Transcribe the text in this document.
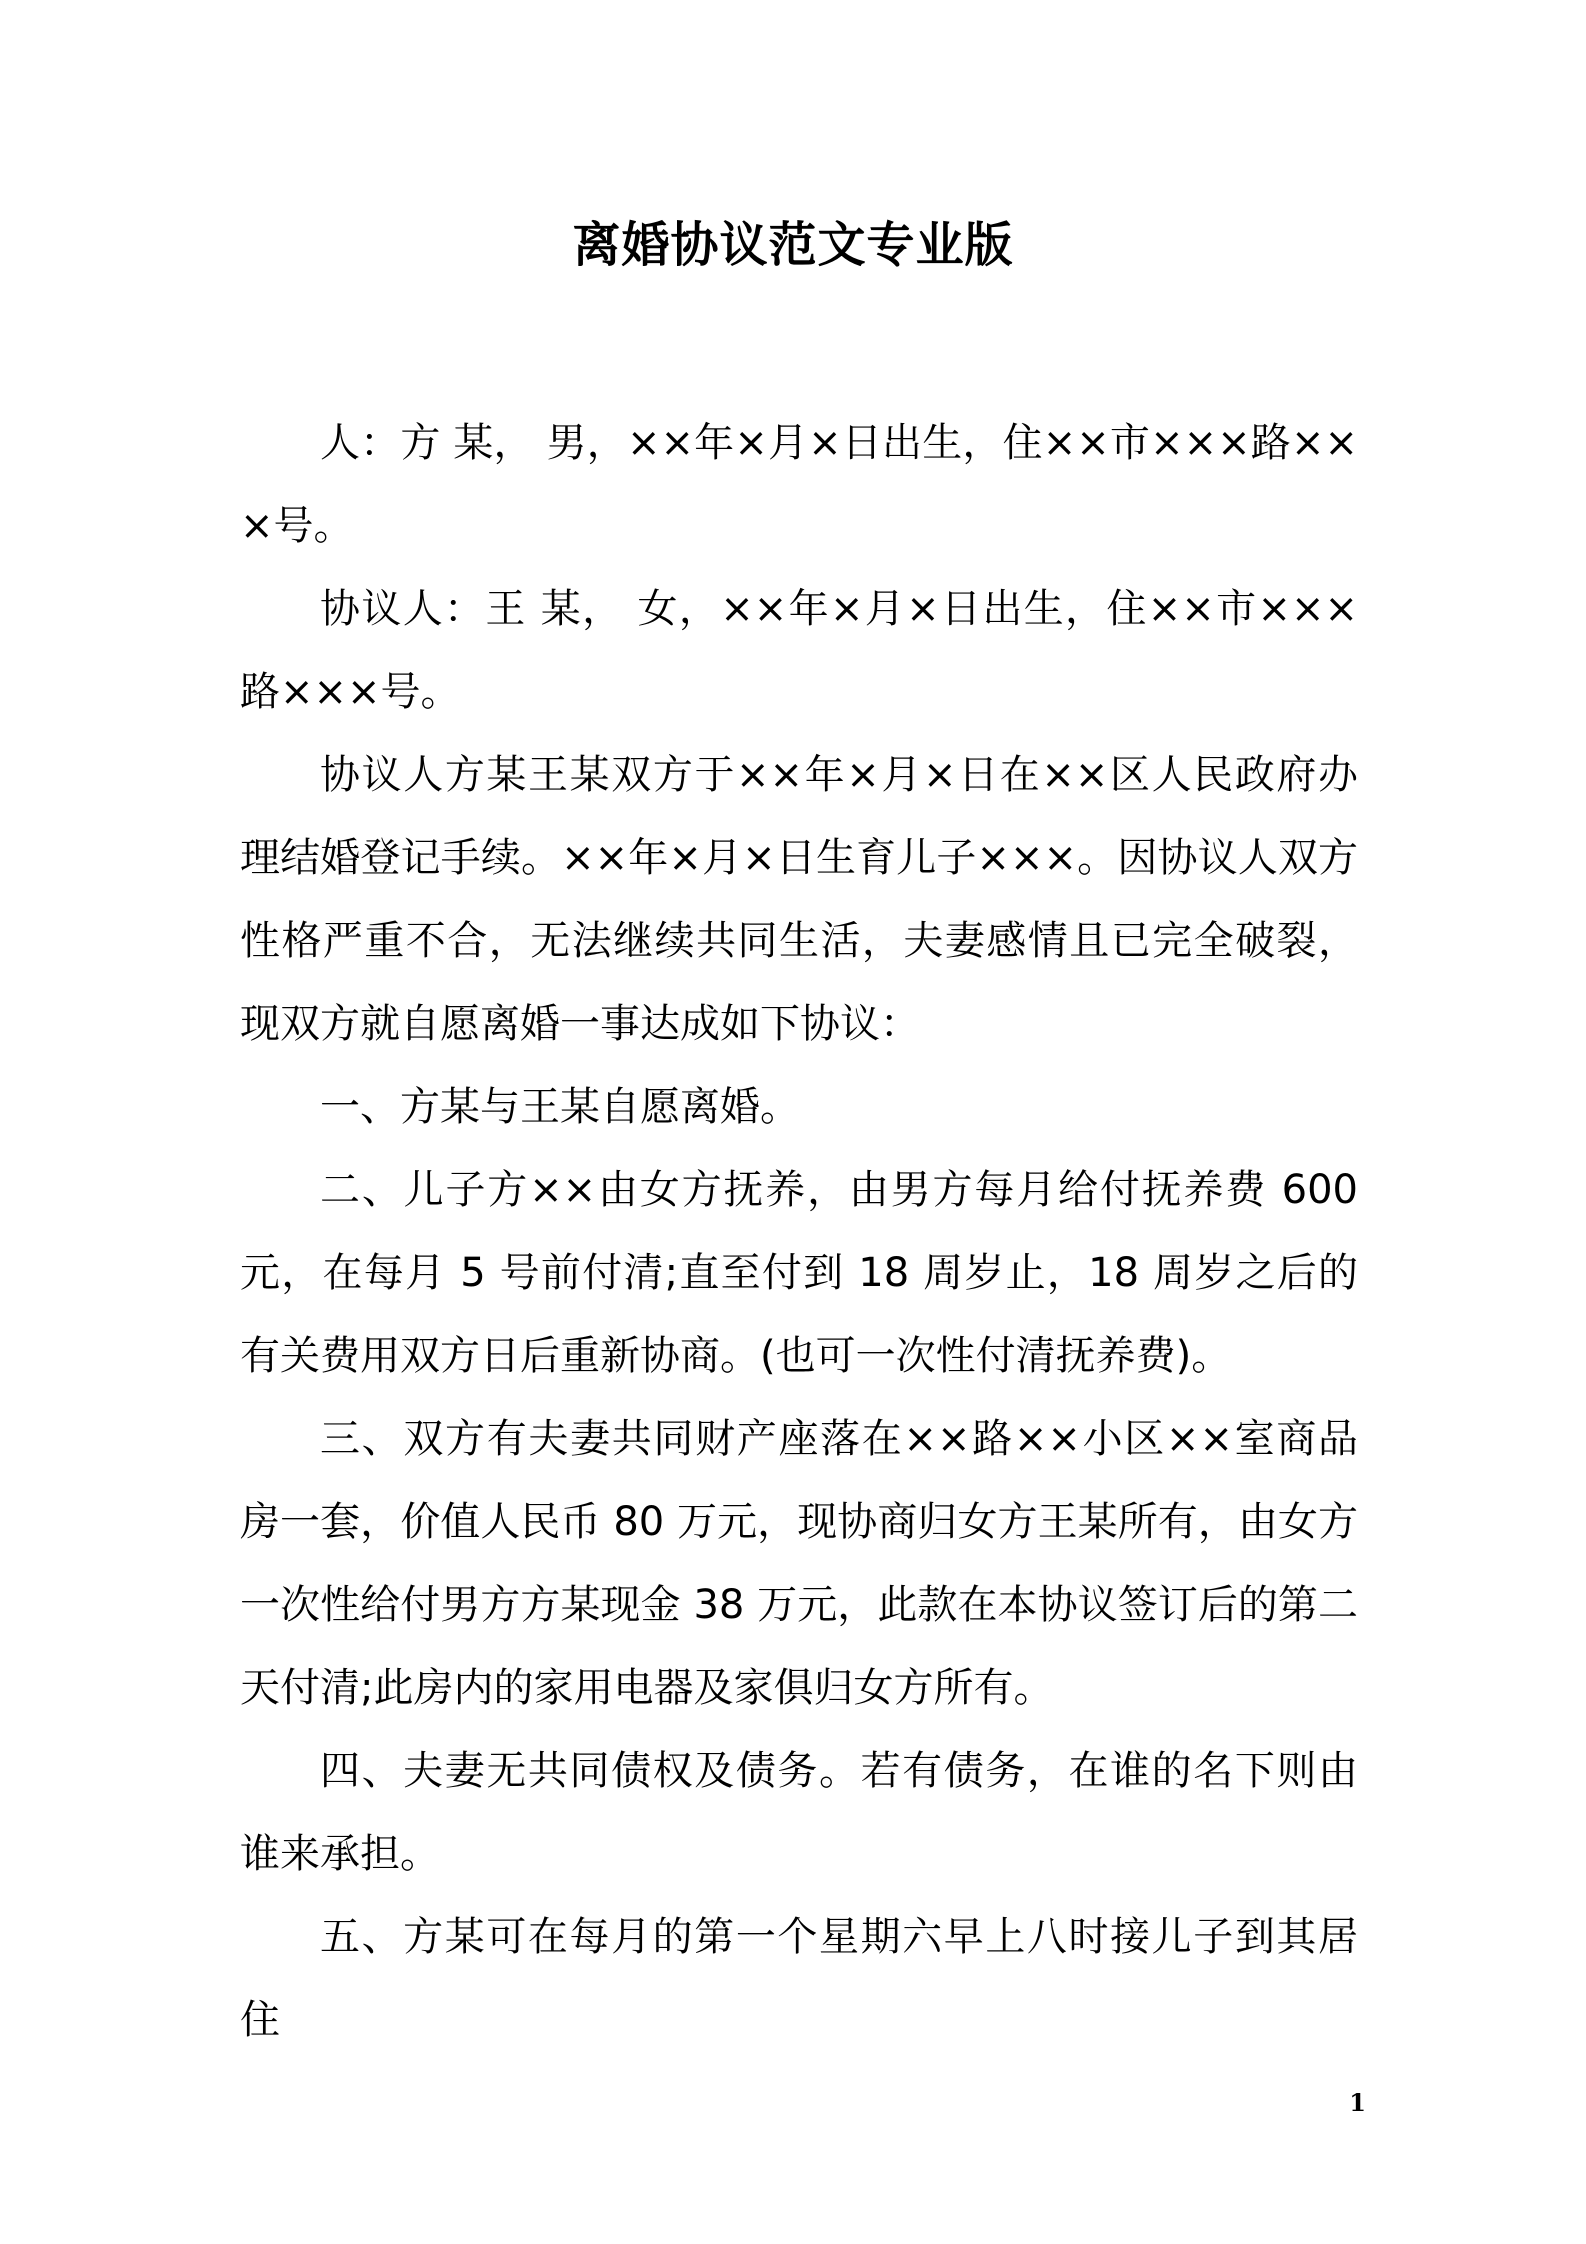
离婚协议范文专业版

人：方 某， 男，××年×月×日出生，住××市×××路×××号。

协议人：王 某， 女，××年×月×日出生，住××市×××路×××号。

协议人方某王某双方于××年×月×日在××区人民政府办理结婚登记手续。××年×月×日生育儿子×××。因协议人双方性格严重不合，无法继续共同生活，夫妻感情且已完全破裂，现双方就自愿离婚一事达成如下协议：

一、方某与王某自愿离婚。

二、儿子方××由女方抚养，由男方每月给付抚养费 600 元，在每月 5 号前付清;直至付到 18 周岁止，18 周岁之后的有关费用双方日后重新协商。(也可一次性付清抚养费)。

三、双方有夫妻共同财产座落在××路××小区××室商品房一套，价值人民币 80 万元，现协商归女方王某所有，由女方一次性给付男方方某现金 38 万元，此款在本协议签订后的第二天付清;此房内的家用电器及家俱归女方所有。

四、夫妻无共同债权及债务。若有债务，在谁的名下则由谁来承担。

五、方某可在每月的第一个星期六早上八时接儿子到其居住

1
